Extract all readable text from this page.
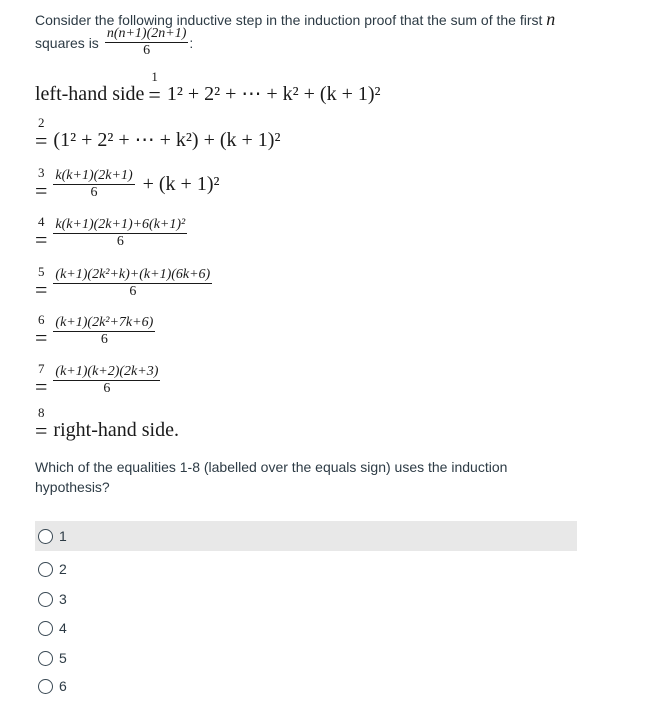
Consider the following inductive step in the induction proof that the sum of the first n
squares is $\frac{n(n+1)(2n+1)}{6}$ :
left-hand side
1
= 1² + 2² + ⋯ + k² + (k + 1)²
2
= (1² + 2² + ⋯ + k²) + (k + 1)²
3
= $\frac{k(k+1)(2k+1)}{6} + (k + 1)^2$
4
= $\frac{\text{k(k+1)(2k+1)+6(k+1)²}}{6}$
5
= $\frac{\text{(k+1)(2k²+k)+(k+1)(6k+6)}}{6}$
6
= $\frac{\text{(k+1)(2k²+7k+6)}}{6}$
7
= $\frac{(k+1)(k+2)(2k+3)}{6}$
8
= right-hand side.
Which of the equalities 1-8 (labelled over the equals sign) uses the induction hypothesis?
1
2
3
4
5
6
